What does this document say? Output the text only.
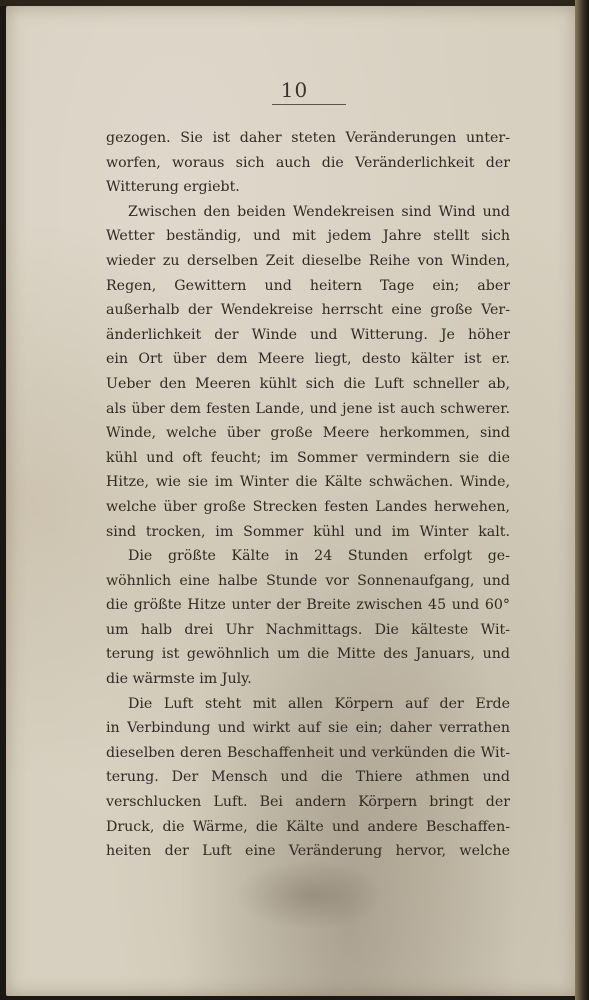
10
gezogen. Sie ist daher steten Veränderungen unter-
worfen, woraus sich auch die Veränderlichkeit der
Witterung ergiebt.
Zwischen den beiden Wendekreisen sind Wind und
Wetter beständig, und mit jedem Jahre stellt sich
wieder zu derselben Zeit dieselbe Reihe von Winden,
Regen, Gewittern und heitern Tage ein; aber
außerhalb der Wendekreise herrscht eine große Ver-
änderlichkeit der Winde und Witterung. Je höher
ein Ort über dem Meere liegt, desto kälter ist er.
Ueber den Meeren kühlt sich die Luft schneller ab,
als über dem festen Lande, und jene ist auch schwerer.
Winde, welche über große Meere herkommen, sind
kühl und oft feucht; im Sommer vermindern sie die
Hitze, wie sie im Winter die Kälte schwächen. Winde,
welche über große Strecken festen Landes herwehen,
sind trocken, im Sommer kühl und im Winter kalt.
Die größte Kälte in 24 Stunden erfolgt ge-
wöhnlich eine halbe Stunde vor Sonnenaufgang, und
die größte Hitze unter der Breite zwischen 45 und 60°
um halb drei Uhr Nachmittags. Die kälteste Wit-
terung ist gewöhnlich um die Mitte des Januars, und
die wärmste im July.
Die Luft steht mit allen Körpern auf der Erde
in Verbindung und wirkt auf sie ein; daher verrathen
dieselben deren Beschaffenheit und verkünden die Wit-
terung. Der Mensch und die Thiere athmen und
verschlucken Luft. Bei andern Körpern bringt der
Druck, die Wärme, die Kälte und andere Beschaffen-
heiten der Luft eine Veränderung hervor, welche
